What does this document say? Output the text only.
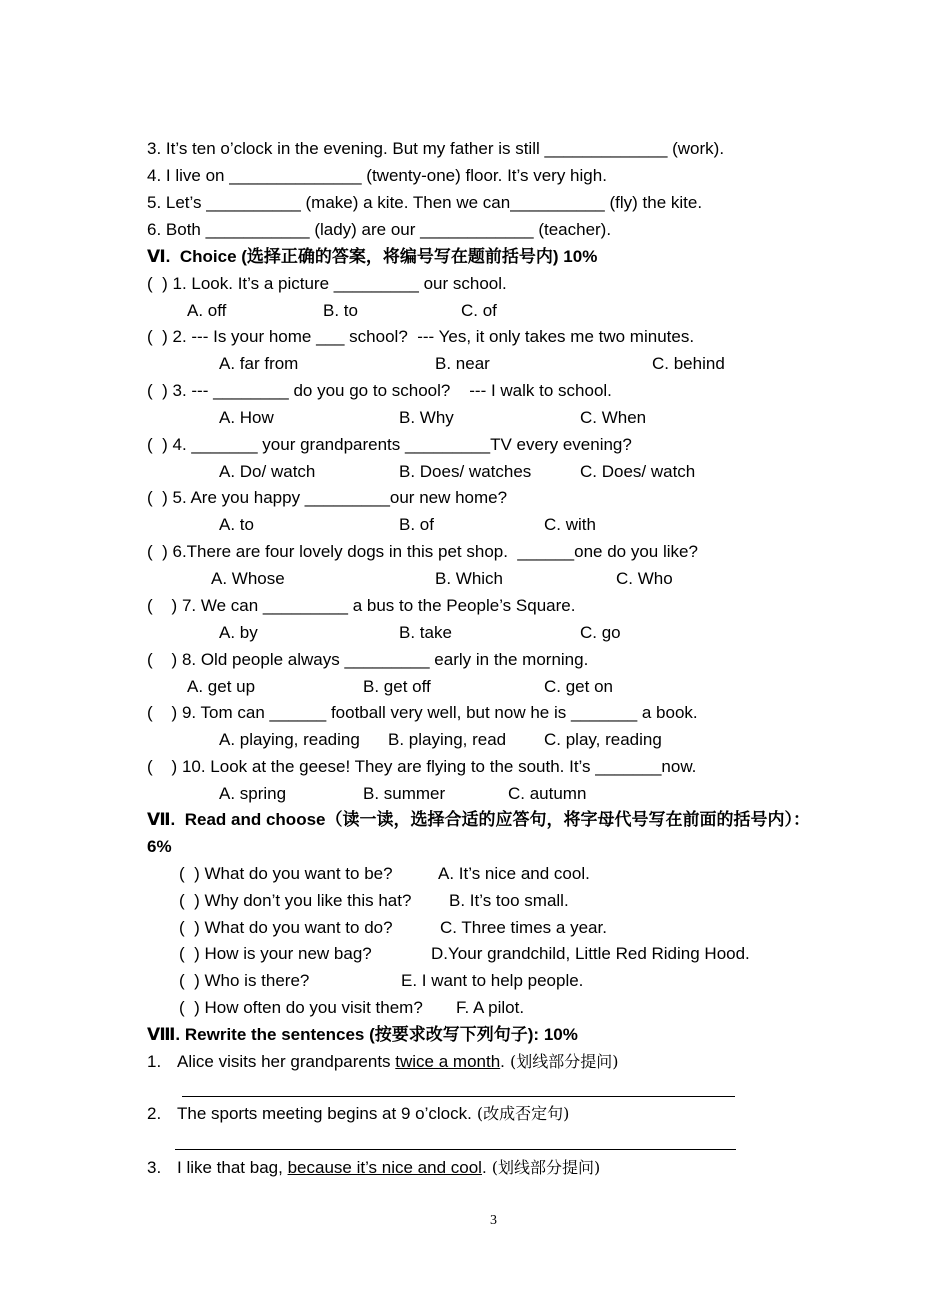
3. It’s ten o’clock in the evening. But my father is still _____________ (work).
4. I live on ______________ (twenty-one) floor. It’s very high.
5. Let’s __________ (make) a kite. Then we can__________ (fly) the kite.
6. Both ___________ (lady) are our ____________ (teacher).
Ⅵ.  Choice (选择正确的答案，将编号写在题前括号内) 10%
(  ) 1. Look. It’s a picture _________ our school.
A. off	B. to	C. of
(  ) 2. --- Is your home ___ school?  --- Yes, it only takes me two minutes.
A. far from	B. near	C. behind
(  ) 3. --- ________ do you go to school?    --- I walk to school.
A. How	B. Why	C. When
(  ) 4. _______ your grandparents _________TV every evening?
A. Do/ watch	B. Does/ watches	C. Does/ watch
(  ) 5. Are you happy _________our new home?
A. to	B. of	C. with
(  ) 6.There are four lovely dogs in this pet shop.  ______one do you like?
A. Whose	B. Which	C. Who
(    ) 7. We can _________ a bus to the People’s Square.
A. by	B. take	C. go
(    ) 8. Old people always _________ early in the morning.
A. get up	B. get off	C. get on
(    ) 9. Tom can ______ football very well, but now he is _______ a book.
A. playing, reading B. playing, read C. play, reading
(    ) 10. Look at the geese! They are flying to the south. It’s _______now.
A. spring	B. summer	C. autumn
Ⅶ.  Read and choose（读一读，选择合适的应答句，将字母代号写在前面的括号内）：
6%
(  ) What do you want to be?	A. It’s nice and cool.
(  ) Why don’t you like this hat? B. It’s too small.
(  ) What do you want to do?	C. Three times a year.
(  ) How is your new bag?	D.Your grandchild, Little Red Riding Hood.
(  ) Who is there?	E. I want to help people.
(  ) How often do you visit them? F. A pilot.
Ⅷ. Rewrite the sentences (按要求改写下列句子): 10%
1. Alice visits her grandparents twice a month. (划线部分提问)
2. The sports meeting begins at 9 o’clock. (改成否定句)
3. I like that bag, because it’s nice and cool. (划线部分提问)
3
